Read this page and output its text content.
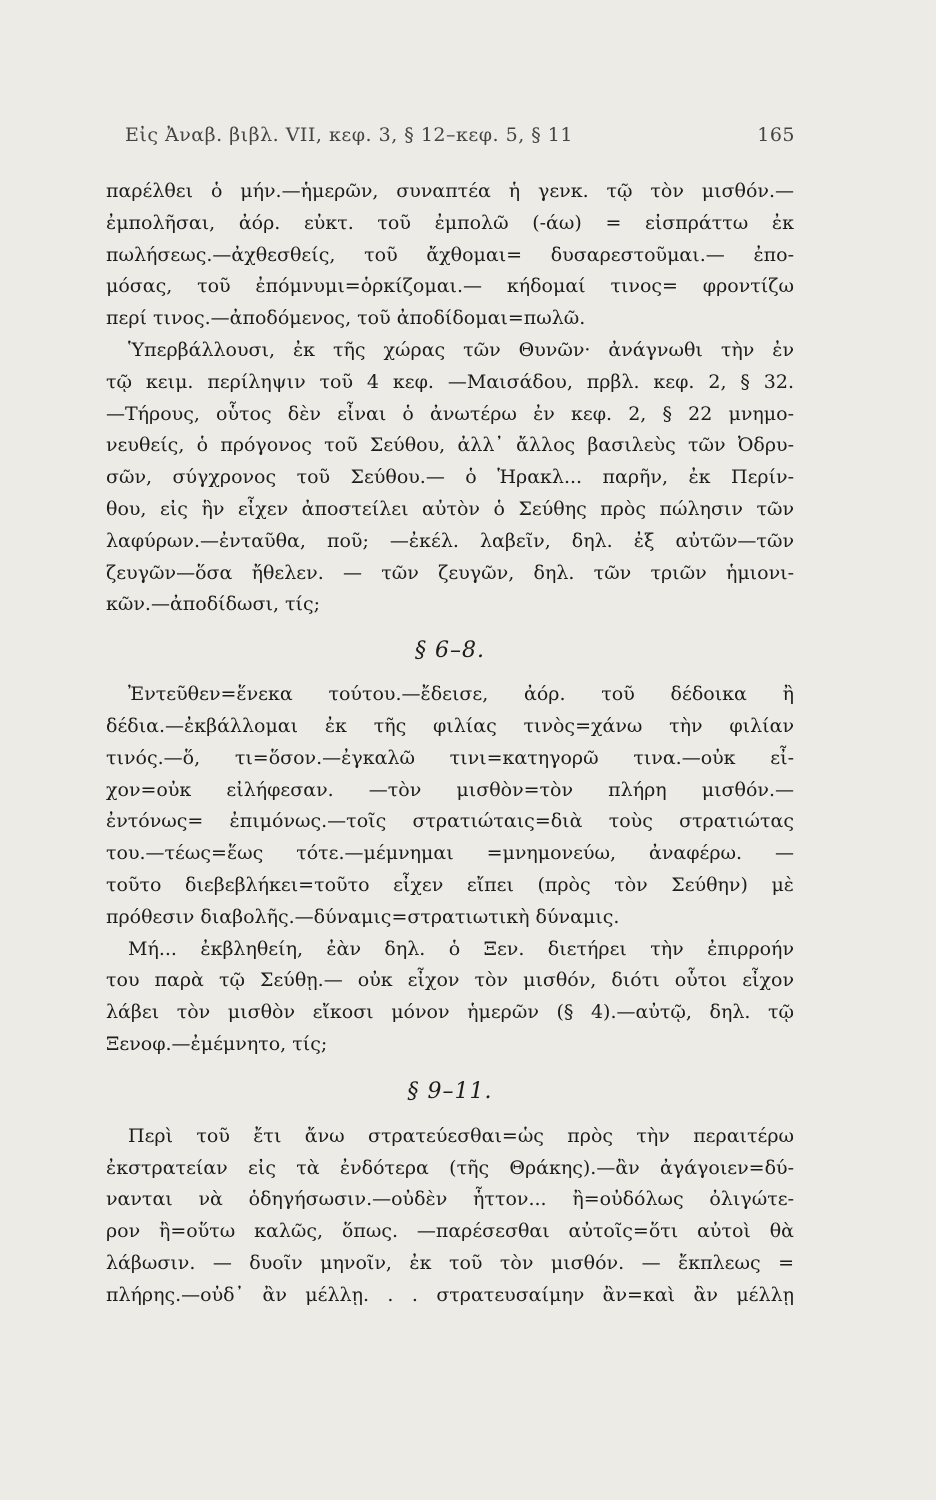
Εἰς Ἀναβ. βιβλ. VII, κεφ. 3, § 12–κεφ. 5, § 11	165
παρέλθει ὁ μήν.—ἡμερῶν, συναπτέα ἡ γενκ. τῷ τὸν μισθόν.—
ἐμπολῆσαι, ἀόρ. εὐκτ. τοῦ ἐμπολῶ (-άω) = εἰσπράττω ἐκ
πωλήσεως.—ἀχθεσθείς, τοῦ ἄχθομαι= δυσαρεστοῦμαι.— ἐπο-
μόσας, τοῦ ἐπόμνυμι=ὁρκίζομαι.— κήδομαί τινος= φροντίζω
περί τινος.—ἀποδόμενος, τοῦ ἀποδίδομαι=πωλῶ.
Ὑπερβάλλουσι, ἐκ τῆς χώρας τῶν Θυνῶν· ἀνάγνωθι τὴν ἐν
τῷ κειμ. περίληψιν τοῦ 4 κεφ. —Μαισάδου, πρβλ. κεφ. 2, § 32.
—Τήρους, οὗτος δὲν εἶναι ὁ ἀνωτέρω ἐν κεφ. 2, § 22 μνημο-
νευθείς, ὁ πρόγονος τοῦ Σεύθου, ἀλλ᾽ ἄλλος βασιλεὺς τῶν Ὀδρυ-
σῶν, σύγχρονος τοῦ Σεύθου.— ὁ Ἡρακλ... παρῆν, ἐκ Περίν-
θου, εἰς ἣν εἶχεν ἀποστείλει αὐτὸν ὁ Σεύθης πρὸς πώλησιν τῶν
λαφύρων.—ἐνταῦθα, ποῦ; —ἐκέλ. λαβεῖν, δηλ. ἐξ αὐτῶν—τῶν
ζευγῶν—ὅσα ἤθελεν. — τῶν ζευγῶν, δηλ. τῶν τριῶν ἡμιονι-
κῶν.—ἀποδίδωσι, τίς;
§ 6–8.
Ἐντεῦθεν=ἕνεκα τούτου.—ἔδεισε, ἀόρ. τοῦ δέδοικα ἢ
δέδια.—ἐκβάλλομαι ἐκ τῆς φιλίας τινὸς=χάνω τὴν φιλίαν
τινός.—ὅ, τι=ὅσον.—ἐγκαλῶ τινι=κατηγορῶ τινα.—οὐκ εἶ-
χον=οὐκ εἰλήφεσαν. —τὸν μισθὸν=τὸν πλήρη μισθόν.—
ἐντόνως= ἐπιμόνως.—τοῖς στρατιώταις=διὰ τοὺς στρατιώτας
του.—τέως=ἕως τότε.—μέμνημαι =μνημονεύω, ἀναφέρω. —
τοῦτο διεβεβλήκει=τοῦτο εἶχεν εἴπει (πρὸς τὸν Σεύθην) μὲ
πρόθεσιν διαβολῆς.—δύναμις=στρατιωτικὴ δύναμις.
Μή... ἐκβληθείη, ἐὰν δηλ. ὁ Ξεν. διετήρει τὴν ἐπιρροήν
του παρὰ τῷ Σεύθῃ.— οὐκ εἶχον τὸν μισθόν, διότι οὗτοι εἶχον
λάβει τὸν μισθὸν εἴκοσι μόνον ἡμερῶν (§ 4).—αὐτῷ, δηλ. τῷ
Ξενοφ.—ἐμέμνητο, τίς;
§ 9–11.
Περὶ τοῦ ἔτι ἄνω στρατεύεσθαι=ὡς πρὸς τὴν περαιτέρω
ἐκστρατείαν εἰς τὰ ἐνδότερα (τῆς Θράκης).—ἂν ἀγάγοιεν=δύ-
νανται νὰ ὁδηγήσωσιν.—οὐδὲν ἧττον... ἢ=οὐδόλως ὀλιγώτε-
ρον ἢ=οὕτω καλῶς, ὅπως. —παρέσεσθαι αὐτοῖς=ὅτι αὐτοὶ θὰ
λάβωσιν. — δυοῖν μηνοῖν, ἐκ τοῦ τὸν μισθόν. — ἔκπλεως =
πλήρης.—οὐδ᾽ ἂν μέλλῃ. . . στρατευσαίμην ἂν=καὶ ἂν μέλλῃ
